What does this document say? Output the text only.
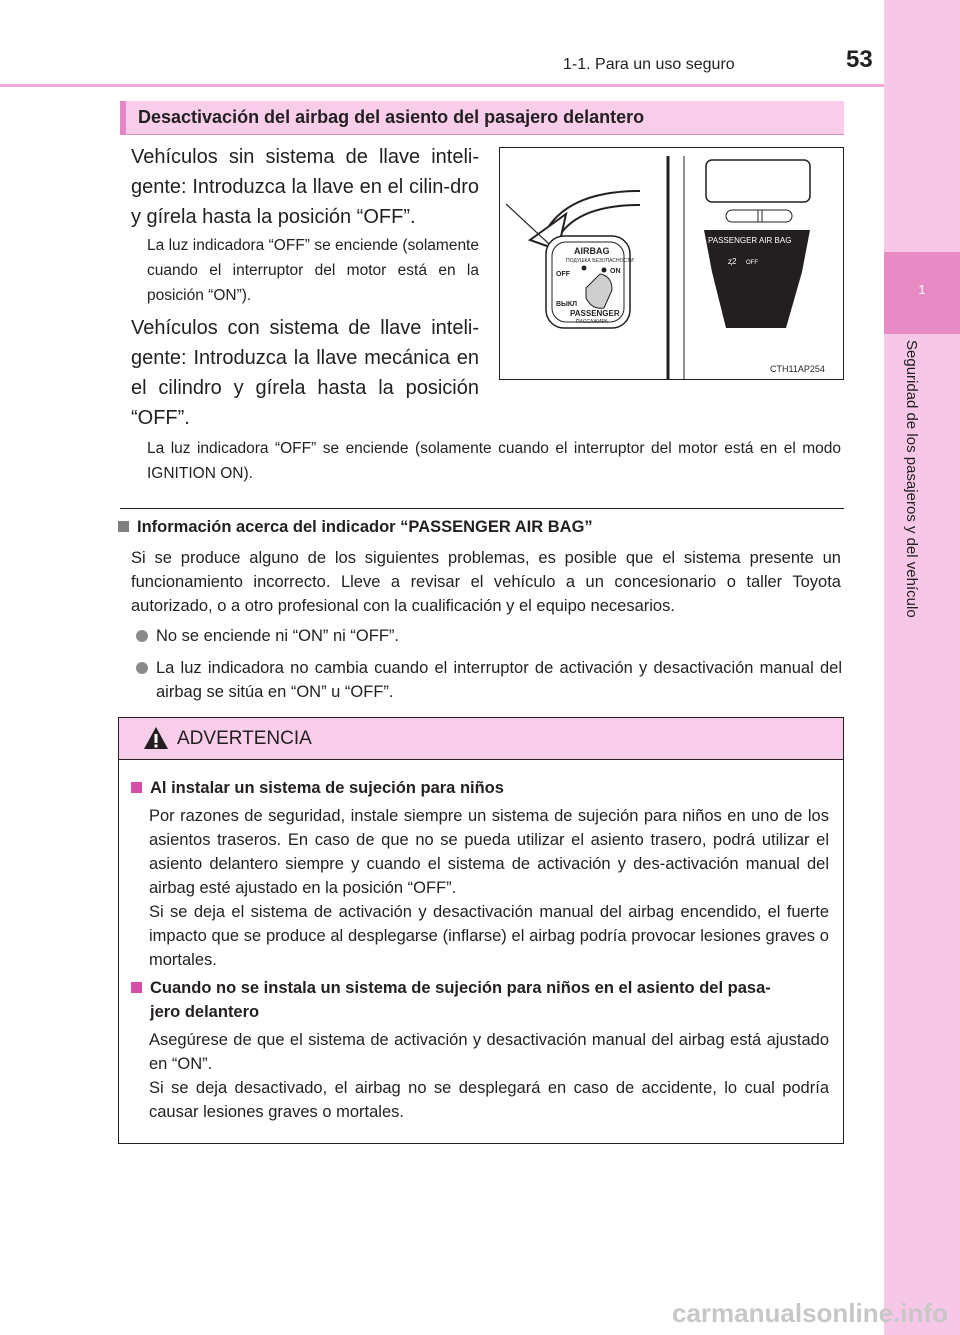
1-1. Para un uso seguro	53
1
Seguridad de los pasajeros y del vehículo
Desactivación del airbag del asiento del pasajero delantero

Vehículos sin sistema de llave inteli-gente: Introduzca la llave en el cilin-dro y gírela hasta la posición “OFF”.

La luz indicadora “OFF” se enciende (solamente cuando el interruptor del motor está en la posición “ON”).

Vehículos con sistema de llave inteli-gente: Introduzca la llave mecánica en el cilindro y gírela hasta la posición “OFF”.

La luz indicadora “OFF” se enciende (solamente cuando el interruptor del motor está en el modo IGNITION ON).

AIRBAG
ПОДУШКА БЕЗОПАСНОСТИ
OFF
ВЫКЛ
ON
PASSENGER
ПАССАЖИРА
PASSENGER AIR BAG
ⱬ2 OFF
CTH11AP254
Información acerca del indicador “PASSENGER AIR BAG”

Si se produce alguno de los siguientes problemas, es posible que el sistema presente un funcionamiento incorrecto. Lleve a revisar el vehículo a un concesionario o taller Toyota autorizado, o a otro profesional con la cualificación y el equipo necesarios.

No se enciende ni “ON” ni “OFF”.
La luz indicadora no cambia cuando el interruptor de activación y desactivación manual del airbag se sitúa en “ON” u “OFF”.
ADVERTENCIA
Al instalar un sistema de sujeción para niños

Por razones de seguridad, instale siempre un sistema de sujeción para niños en uno de los asientos traseros. En caso de que no se pueda utilizar el asiento trasero, podrá utilizar el asiento delantero siempre y cuando el sistema de activación y des-activación manual del airbag esté ajustado en la posición “OFF”.

Si se deja el sistema de activación y desactivación manual del airbag encendido, el fuerte impacto que se produce al desplegarse (inflarse) el airbag podría provocar lesiones graves o mortales.

Cuando no se instala un sistema de sujeción para niños en el asiento del pasa-
jero delantero

Asegúrese de que el sistema de activación y desactivación manual del airbag está ajustado en “ON”.

Si se deja desactivado, el airbag no se desplegará en caso de accidente, lo cual podría causar lesiones graves o mortales.

carmanualsonline.info
